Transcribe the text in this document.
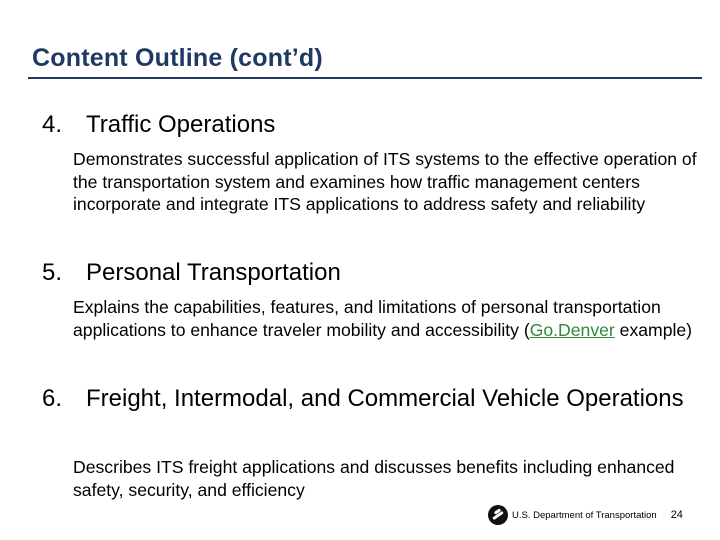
Content Outline (cont’d)
4. Traffic Operations
Demonstrates successful application of ITS systems to the effective operation of the transportation system and examines how traffic management centers incorporate and integrate ITS applications to address safety and reliability
5. Personal Transportation
Explains the capabilities, features, and limitations of personal transportation applications to enhance traveler mobility and accessibility (Go.Denver example)
6. Freight, Intermodal, and Commercial Vehicle Operations
Describes ITS freight applications and discusses benefits including enhanced safety, security, and efficiency
U.S. Department of Transportation 24
